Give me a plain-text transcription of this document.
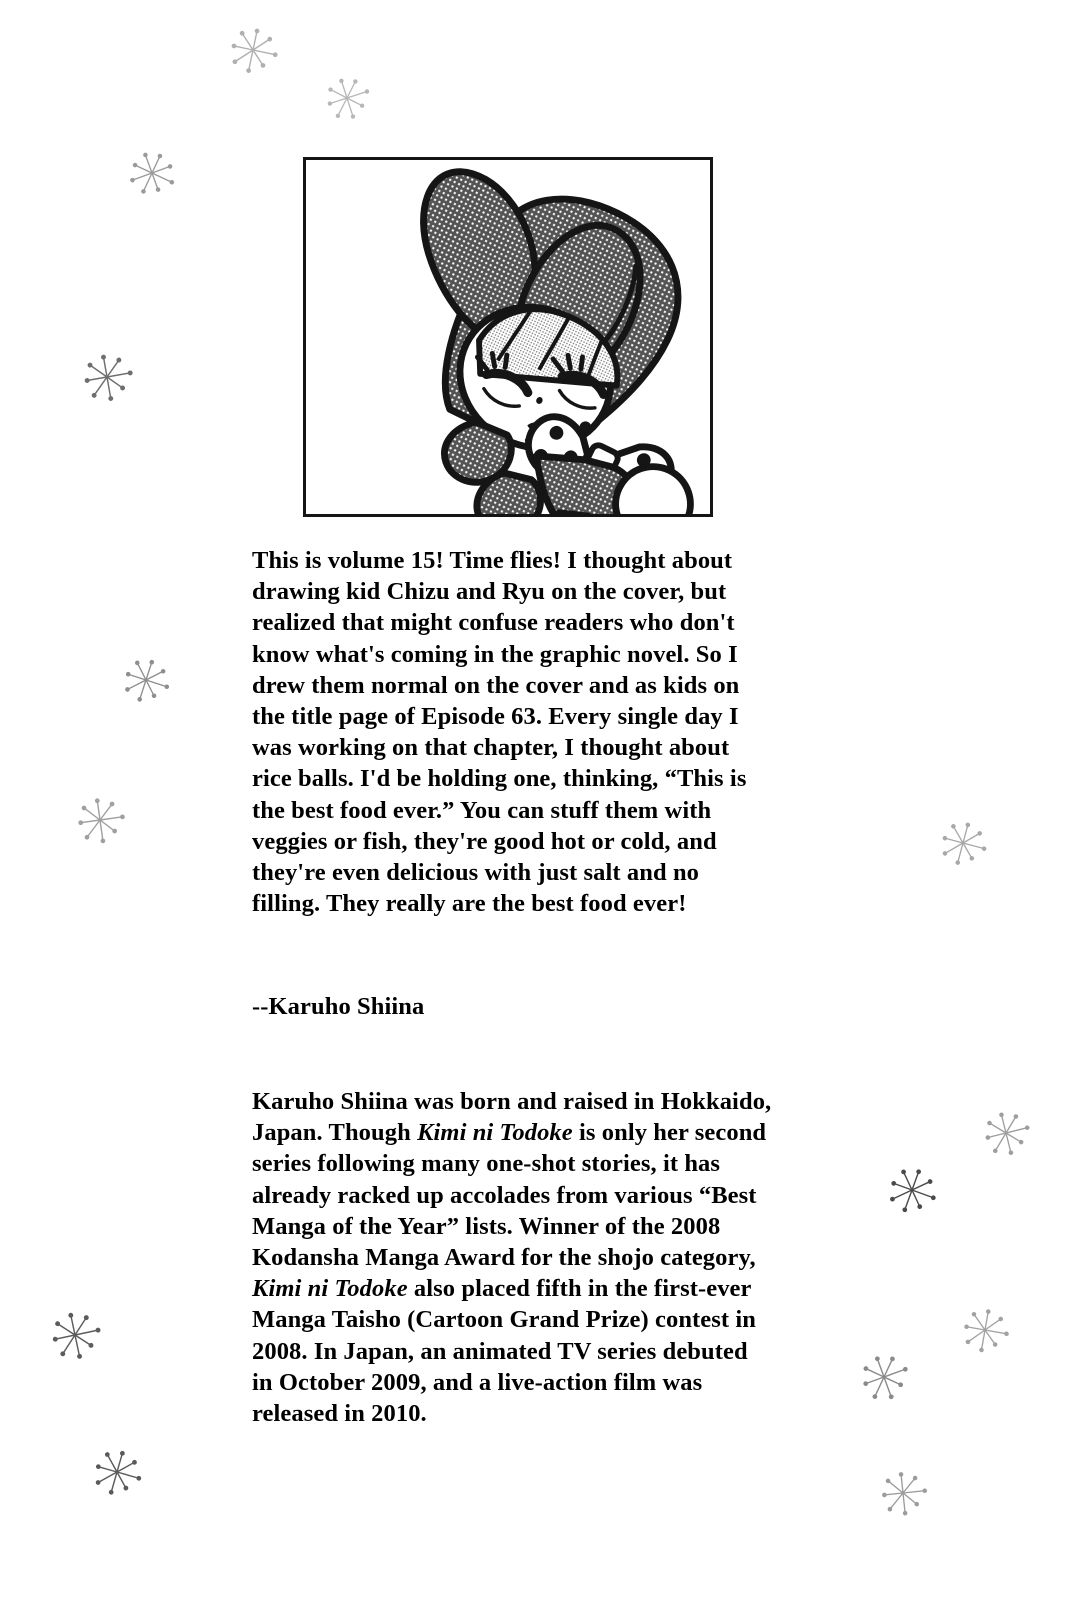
This is volume 15! Time flies! I thought about drawing kid Chizu and Ryu on the cover, but realized that might confuse readers who don't know what's coming in the graphic novel. So I drew them normal on the cover and as kids on the title page of Episode 63. Every single day I was working on that chapter, I thought about rice balls. I'd be holding one, thinking, “This is the best food ever.” You can stuff them with veggies or fish, they're good hot or cold, and they're even delicious with just salt and no filling. They really are the best food ever!
--Karuho Shiina
Karuho Shiina was born and raised in Hokkaido, Japan. Though Kimi ni Todoke is only her second series following many one-shot stories, it has already racked up accolades from various “Best Manga of the Year” lists. Winner of the 2008 Kodansha Manga Award for the shojo category, Kimi ni Todoke also placed fifth in the first-ever Manga Taisho (Cartoon Grand Prize) contest in 2008. In Japan, an animated TV series debuted in October 2009, and a live-action film was released in 2010.
